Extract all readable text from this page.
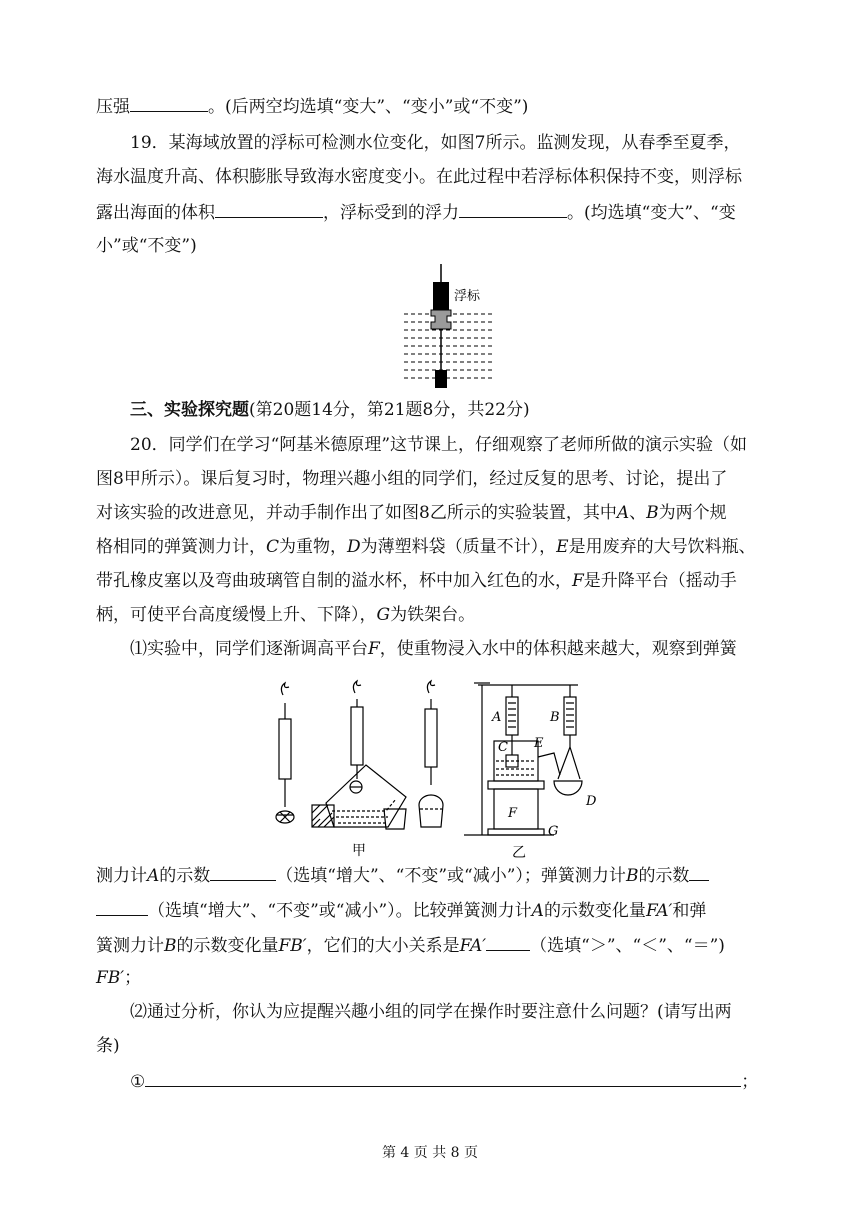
压强	。(后两空均选填“变大”、“变小”或“不变”)
19．某海域放置的浮标可检测水位变化，如图7所示。监测发现，从春季至夏季，
海水温度升高、体积膨胀导致海水密度变小。在此过程中若浮标体积保持不变，则浮标
露出海面的体积	，浮标受到的浮力	。(均选填“变大”、“变
小”或“不变”)
浮标
三、实验探究题(第20题14分，第21题8分，共22分)
20．同学们在学习“阿基米德原理”这节课上，仔细观察了老师所做的演示实验（如
图8甲所示）。课后复习时，物理兴趣小组的同学们，经过反复的思考、讨论，提出了
对该实验的改进意见，并动手制作出了如图8乙所示的实验装置，其中A、B为两个规
格相同的弹簧测力计，C为重物，D为薄塑料袋（质量不计），E是用废弃的大号饮料瓶、
带孔橡皮塞以及弯曲玻璃管自制的溢水杯，杯中加入红色的水，F是升降平台（摇动手
柄，可使平台高度缓慢上升、下降），G为铁架台。
⑴实验中，同学们逐渐调高平台F，使重物浸入水中的体积越来越大，观察到弹簧
A	B
C E
F
D
G
甲	乙
测力计A的示数	（选填“增大”、“不变”或“减小”）；弹簧测力计B的示数
（选填“增大”、“不变”或“减小”）。比较弹簧测力计A的示数变化量FA′和弹
簧测力计B的示数变化量FB′，它们的大小关系是FA′	（选填“＞”、“＜”、“＝”)
FB′；
⑵通过分析，你认为应提醒兴趣小组的同学在操作时要注意什么问题？(请写出两
条)
①	；
第 4 页 共 8 页
